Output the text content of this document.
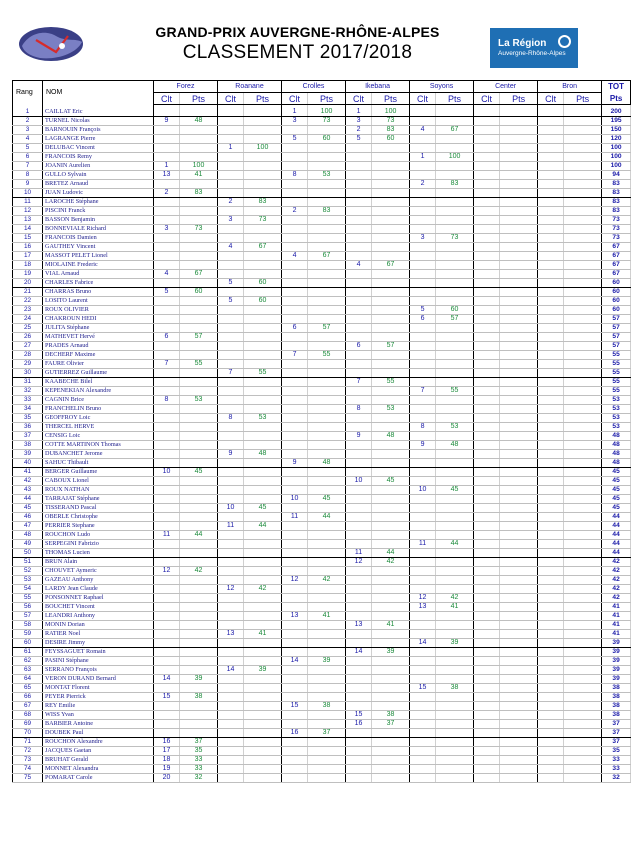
GRAND-PRIX AUVERGNE-RHÔNE-ALPES
CLASSEMENT 2017/2018	La Région
Auvergne-Rhône-Alpes
Rang	NOM	Forez		Roanane		Crolles		Ikebana		Soyons		Center		Bron		TOT
		Clt	Pts	Clt	Pts	Clt	Pts	Clt	Pts	Clt	Pts	Clt	Pts	Clt	Pts	Pts
1	CAILLAT Eric					1	100	1	100							200
2	TURNEL Nicolas	9	48			3	73	3	73							195
3	BARNOUIN François							2	83	4	67					150
4	LAGRANGE Pierre					5	60	5	60							120
5	DELUBAC Vincent			1	100											100
6	FRANCOIS Remy									1	100					100
7	JOANIN Aurelien	1	100													100
8	GULLO Sylvain	13	41			8	53									94
9	BRETEZ Arnaud									2	83					83
10	JUAN Ludovic	2	83													83
11	LAROCHE Stéphane			2	83											83
12	PISCINI Franck					2	83									83
13	BASSON Benjamin			3	73											73
14	BONNEVIALE Richard	3	73													73
15	FRANCOIS Damien									3	73					73
16	GAUTHEY Vincent			4	67											67
17	MASSOT PELET Lionel					4	67									67
18	MIOLAINE Frederic							4	67							67
19	VIAL Arnaud	4	67													67
20	CHARLES Fabrice			5	60											60
21	CHARRAS Bruno	5	60													60
22	LOSITO Laurent			5	60											60
23	ROUX OLIVIER									5	60					60
24	CHAKROUN HEDI									6	57					57
25	JULITA Stéphane					6	57									57
26	MATHEVET Hervé	6	57													57
27	PRADES Arnaud							6	57							57
28	DECHERF Maxime					7	55									55
29	FAURE Olivier	7	55													55
30	GUTIERREZ Guillaume			7	55											55
31	KAABECHE Bilel							7	55							55
32	KEPENEKIAN Alexandre									7	55					55
33	CAGNIN Brice	8	53													53
34	FRANCHELIN Bruno							8	53							53
35	GEOFFROY Loic			8	53											53
36	THERCEL HERVE									8	53					53
37	CENSIG Loic							9	48							48
38	COTTE MARTINON Thomas									9	48					48
39	DUBANCHET Jerome			9	48											48
40	SAHUC Thibault					9	48									48
41	BERGER Guillaume	10	45													45
42	CABOUX Lionel							10	45							45
43	ROUX NATHAN									10	45					45
44	TARRAJAT Stéphane					10	45									45
45	TISSERAND Pascal			10	45											45
46	OBERLE Christophe					11	44									44
47	PERRIER Stephane			11	44											44
48	ROUCHON Ludo	11	44													44
49	SERPEGINI Fabrizio									11	44					44
50	THOMAS Lucien							11	44							44
51	BRUN Alain							12	42							42
52	CHOUVET Aymeric	12	42													42
53	GAZEAU Anthony					12	42									42
54	LARDY Jean Claude			12	42											42
55	PONSONNET Raphael									12	42					42
56	BOUCHET Vincent									13	41					41
57	LEANDRI Anthony					13	41									41
58	MONIN Dorian							13	41							41
59	RATIER Noel			13	41											41
60	DESIRE Jimmy									14	39					39
61	FEYSSAGUET Romain							14	39							39
62	PASINI Stéphane					14	39									39
63	SERRANO François			14	39											39
64	VERON DURAND Bernard	14	39													39
65	MONTAT Florent									15	38					38
66	PEYER Pierrick	15	38													38
67	REY Emilie					15	38									38
68	WISS Yvan							15	38							38
69	BARBIER Antoine							16	37							37
70	DOUBEK Paul					16	37									37
71	ROUCHON Alexandre	16	37													37
72	JACQUES Gaetan	17	35													35
73	BRUHAT Gerald	18	33													33
74	MONNET Alexandra	19	33													33
75	POMARAT Carole	20	32													32
